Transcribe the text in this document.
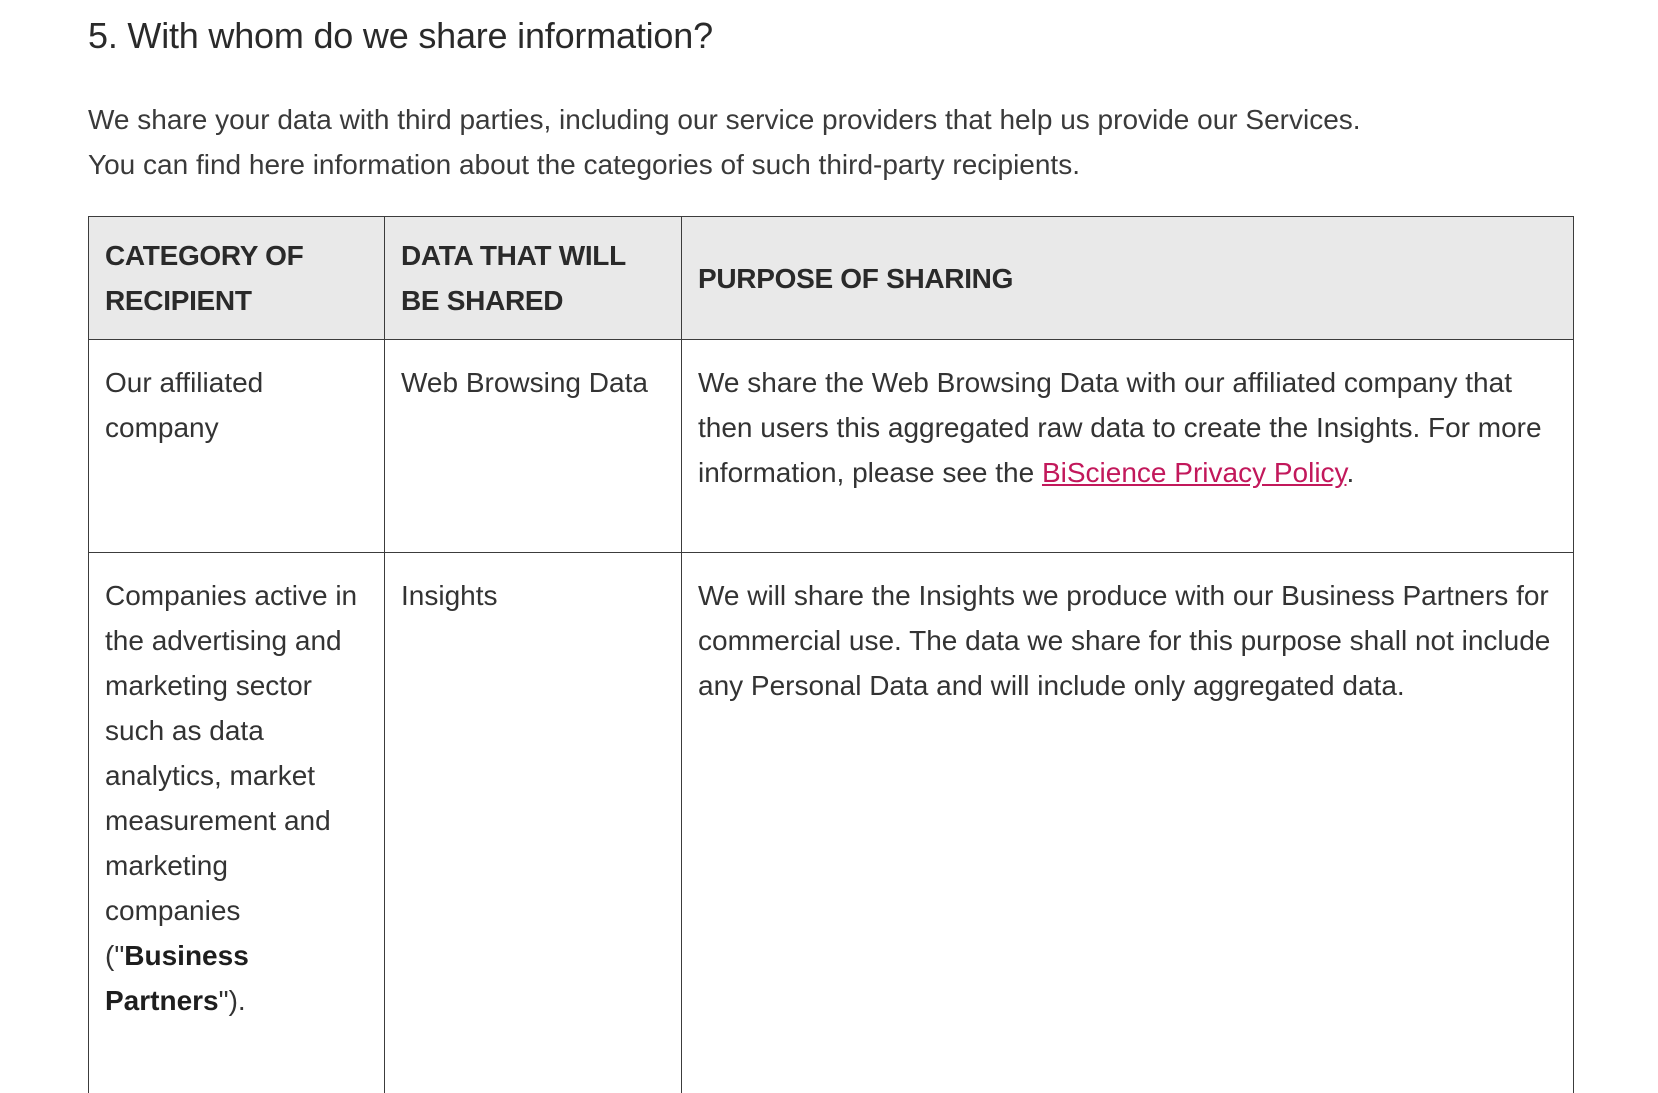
5. With whom do we share information?

We share your data with third parties, including our service providers that help us provide our Services.
You can find here information about the categories of such third-party recipients.

CATEGORY OF RECIPIENT	DATA THAT WILL BE SHARED	PURPOSE OF SHARING
Our affiliated company	Web Browsing Data	We share the Web Browsing Data with our affiliated company that then users this aggregated raw data to create the Insights. For more information, please see the BiScience Privacy Policy.
Companies active in the advertising and marketing sector such as data analytics, market measurement and marketing companies ("Business Partners").	Insights	We will share the Insights we produce with our Business Partners for commercial use. The data we share for this purpose shall not include any Personal Data and will include only aggregated data.
